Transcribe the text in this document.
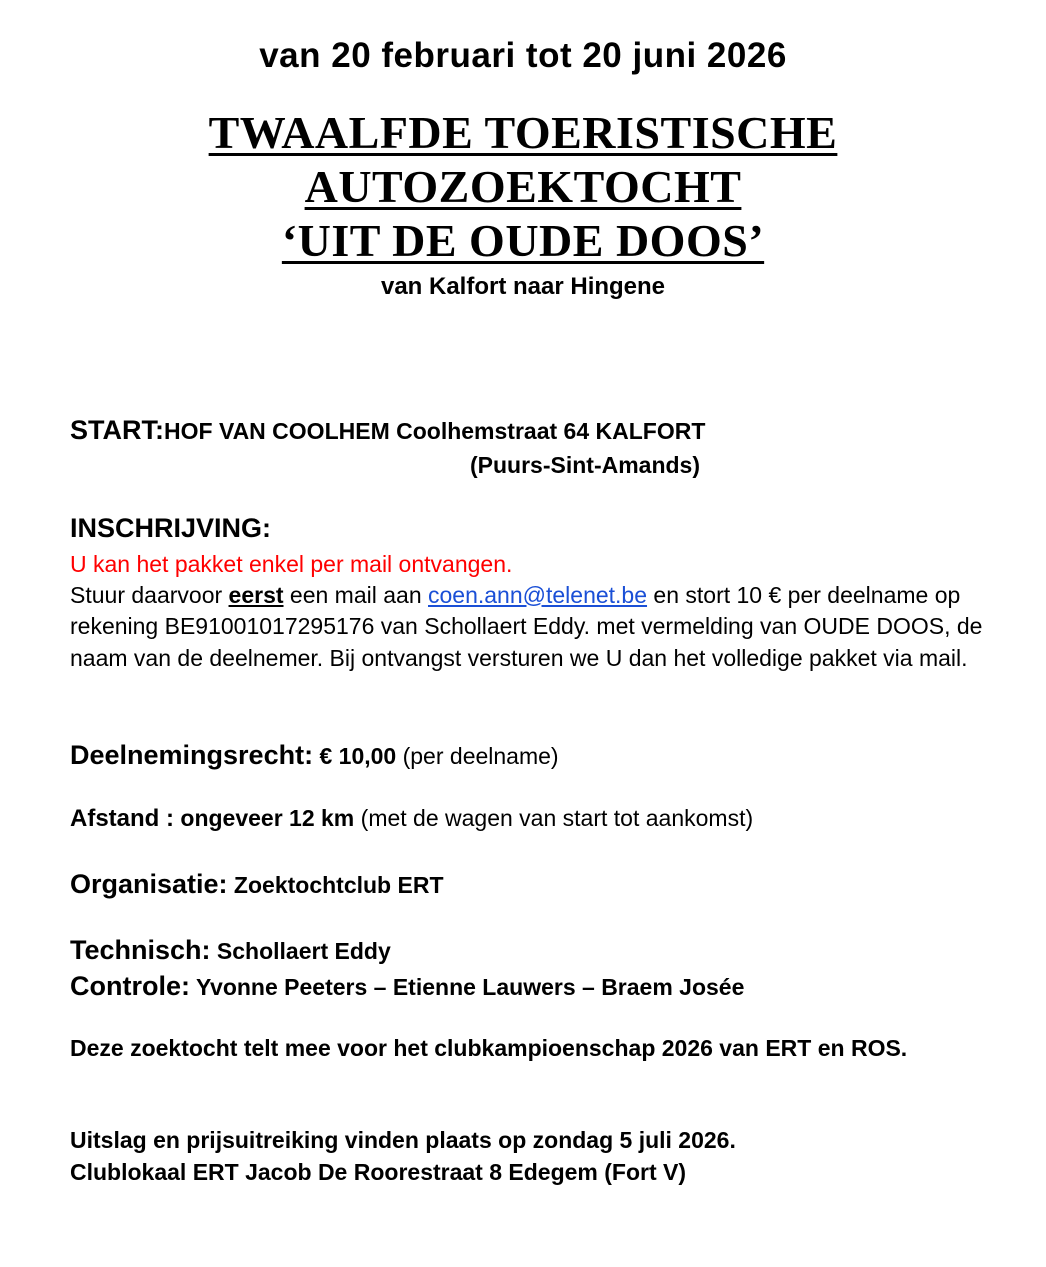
van 20 februari tot 20 juni 2026
TWAALFDE TOERISTISCHE
AUTOZOEKTOCHT
‘UIT DE OUDE DOOS’
van Kalfort naar Hingene
START:HOF VAN COOLHEM Coolhemstraat 64 KALFORT
(Puurs-Sint-Amands)
INSCHRIJVING:
U kan het pakket enkel per mail ontvangen.
Stuur daarvoor eerst een mail aan coen.ann@telenet.be en stort 10 € per deelname op rekening BE91001017295176 van Schollaert Eddy. met vermelding van OUDE DOOS, de naam van de deelnemer. Bij ontvangst versturen we U dan het volledige pakket via mail.
Deelnemingsrecht: € 10,00 (per deelname)
Afstand : ongeveer 12 km (met de wagen van start tot aankomst)
Organisatie: Zoektochtclub ERT
Technisch: Schollaert Eddy
Controle: Yvonne Peeters – Etienne Lauwers – Braem Josée
Deze zoektocht telt mee voor het clubkampioenschap 2026 van ERT en ROS.
Uitslag en prijsuitreiking vinden plaats op zondag 5 juli 2026.
Clublokaal ERT Jacob De Roorestraat 8 Edegem (Fort V)
